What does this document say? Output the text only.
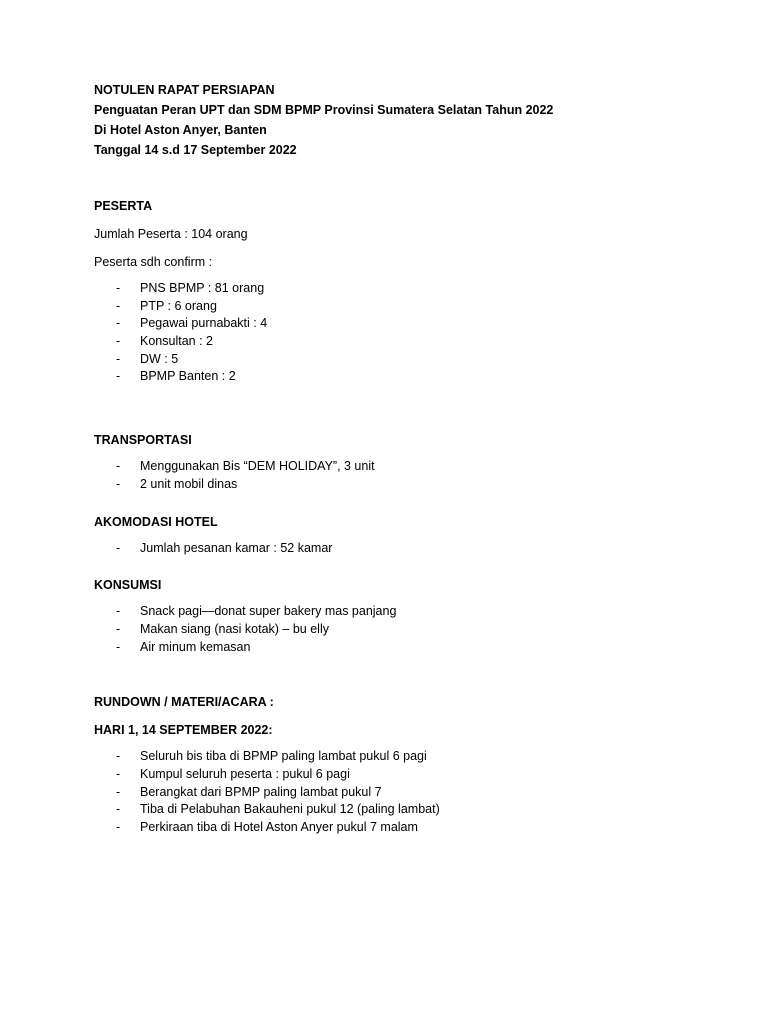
NOTULEN RAPAT PERSIAPAN
Penguatan Peran UPT dan SDM BPMP Provinsi Sumatera Selatan Tahun 2022
Di Hotel Aston Anyer, Banten
Tanggal 14 s.d 17 September 2022
PESERTA
Jumlah Peserta : 104 orang
Peserta sdh confirm :
- PNS BPMP : 81 orang
- PTP : 6 orang
- Pegawai purnabakti : 4
- Konsultan : 2
- DW : 5
- BPMP Banten : 2
TRANSPORTASI
- Menggunakan Bis “DEM HOLIDAY”, 3 unit
- 2 unit mobil dinas
AKOMODASI HOTEL
- Jumlah pesanan kamar : 52 kamar
KONSUMSI
- Snack pagi—donat super bakery mas panjang
- Makan siang (nasi kotak) – bu elly
- Air minum kemasan
RUNDOWN / MATERI/ACARA :
HARI 1, 14 SEPTEMBER 2022:
- Seluruh bis tiba di BPMP paling lambat pukul 6 pagi
- Kumpul seluruh peserta : pukul 6 pagi
- Berangkat dari BPMP paling lambat pukul 7
- Tiba di Pelabuhan Bakauheni pukul 12 (paling lambat)
- Perkiraan tiba di Hotel Aston Anyer pukul 7 malam
